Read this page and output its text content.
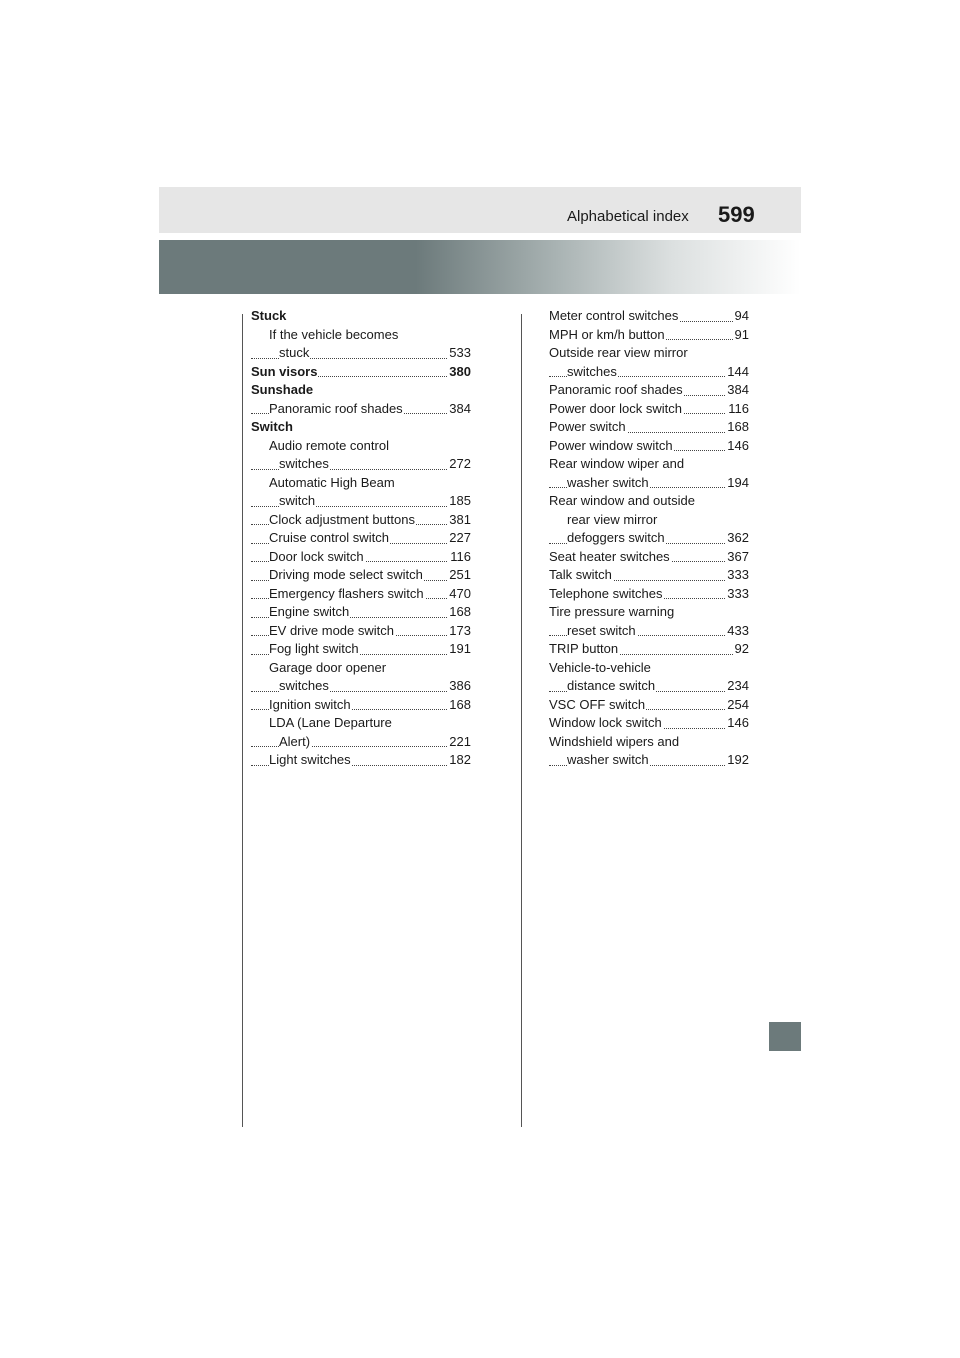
Alphabetical index 599
Stuck
If the vehicle becomes
stuck	533
Sun visors	380
Sunshade
Panoramic roof shades	384
Switch
Audio remote control
switches	272
Automatic High Beam
switch	185
Clock adjustment buttons	381
Cruise control switch	227
Door lock switch	116
Driving mode select switch 251
Emergency flashers switch 470
Engine switch	168
EV drive mode switch	173
Fog light switch	191
Garage door opener
switches	386
Ignition switch	168
LDA (Lane Departure
Alert)	221
Light switches	182
Meter control switches	94
MPH or km/h button	91
Outside rear view mirror
switches	144
Panoramic roof shades	384
Power door lock switch	116
Power switch	168
Power window switch	146
Rear window wiper and
washer switch	194
Rear window and outside
rear view mirror
defoggers switch	362
Seat heater switches	367
Talk switch	333
Telephone switches	333
Tire pressure warning
reset switch	433
TRIP button	92
Vehicle-to-vehicle
distance switch	234
VSC OFF switch	254
Window lock switch	146
Windshield wipers and
washer switch	192
